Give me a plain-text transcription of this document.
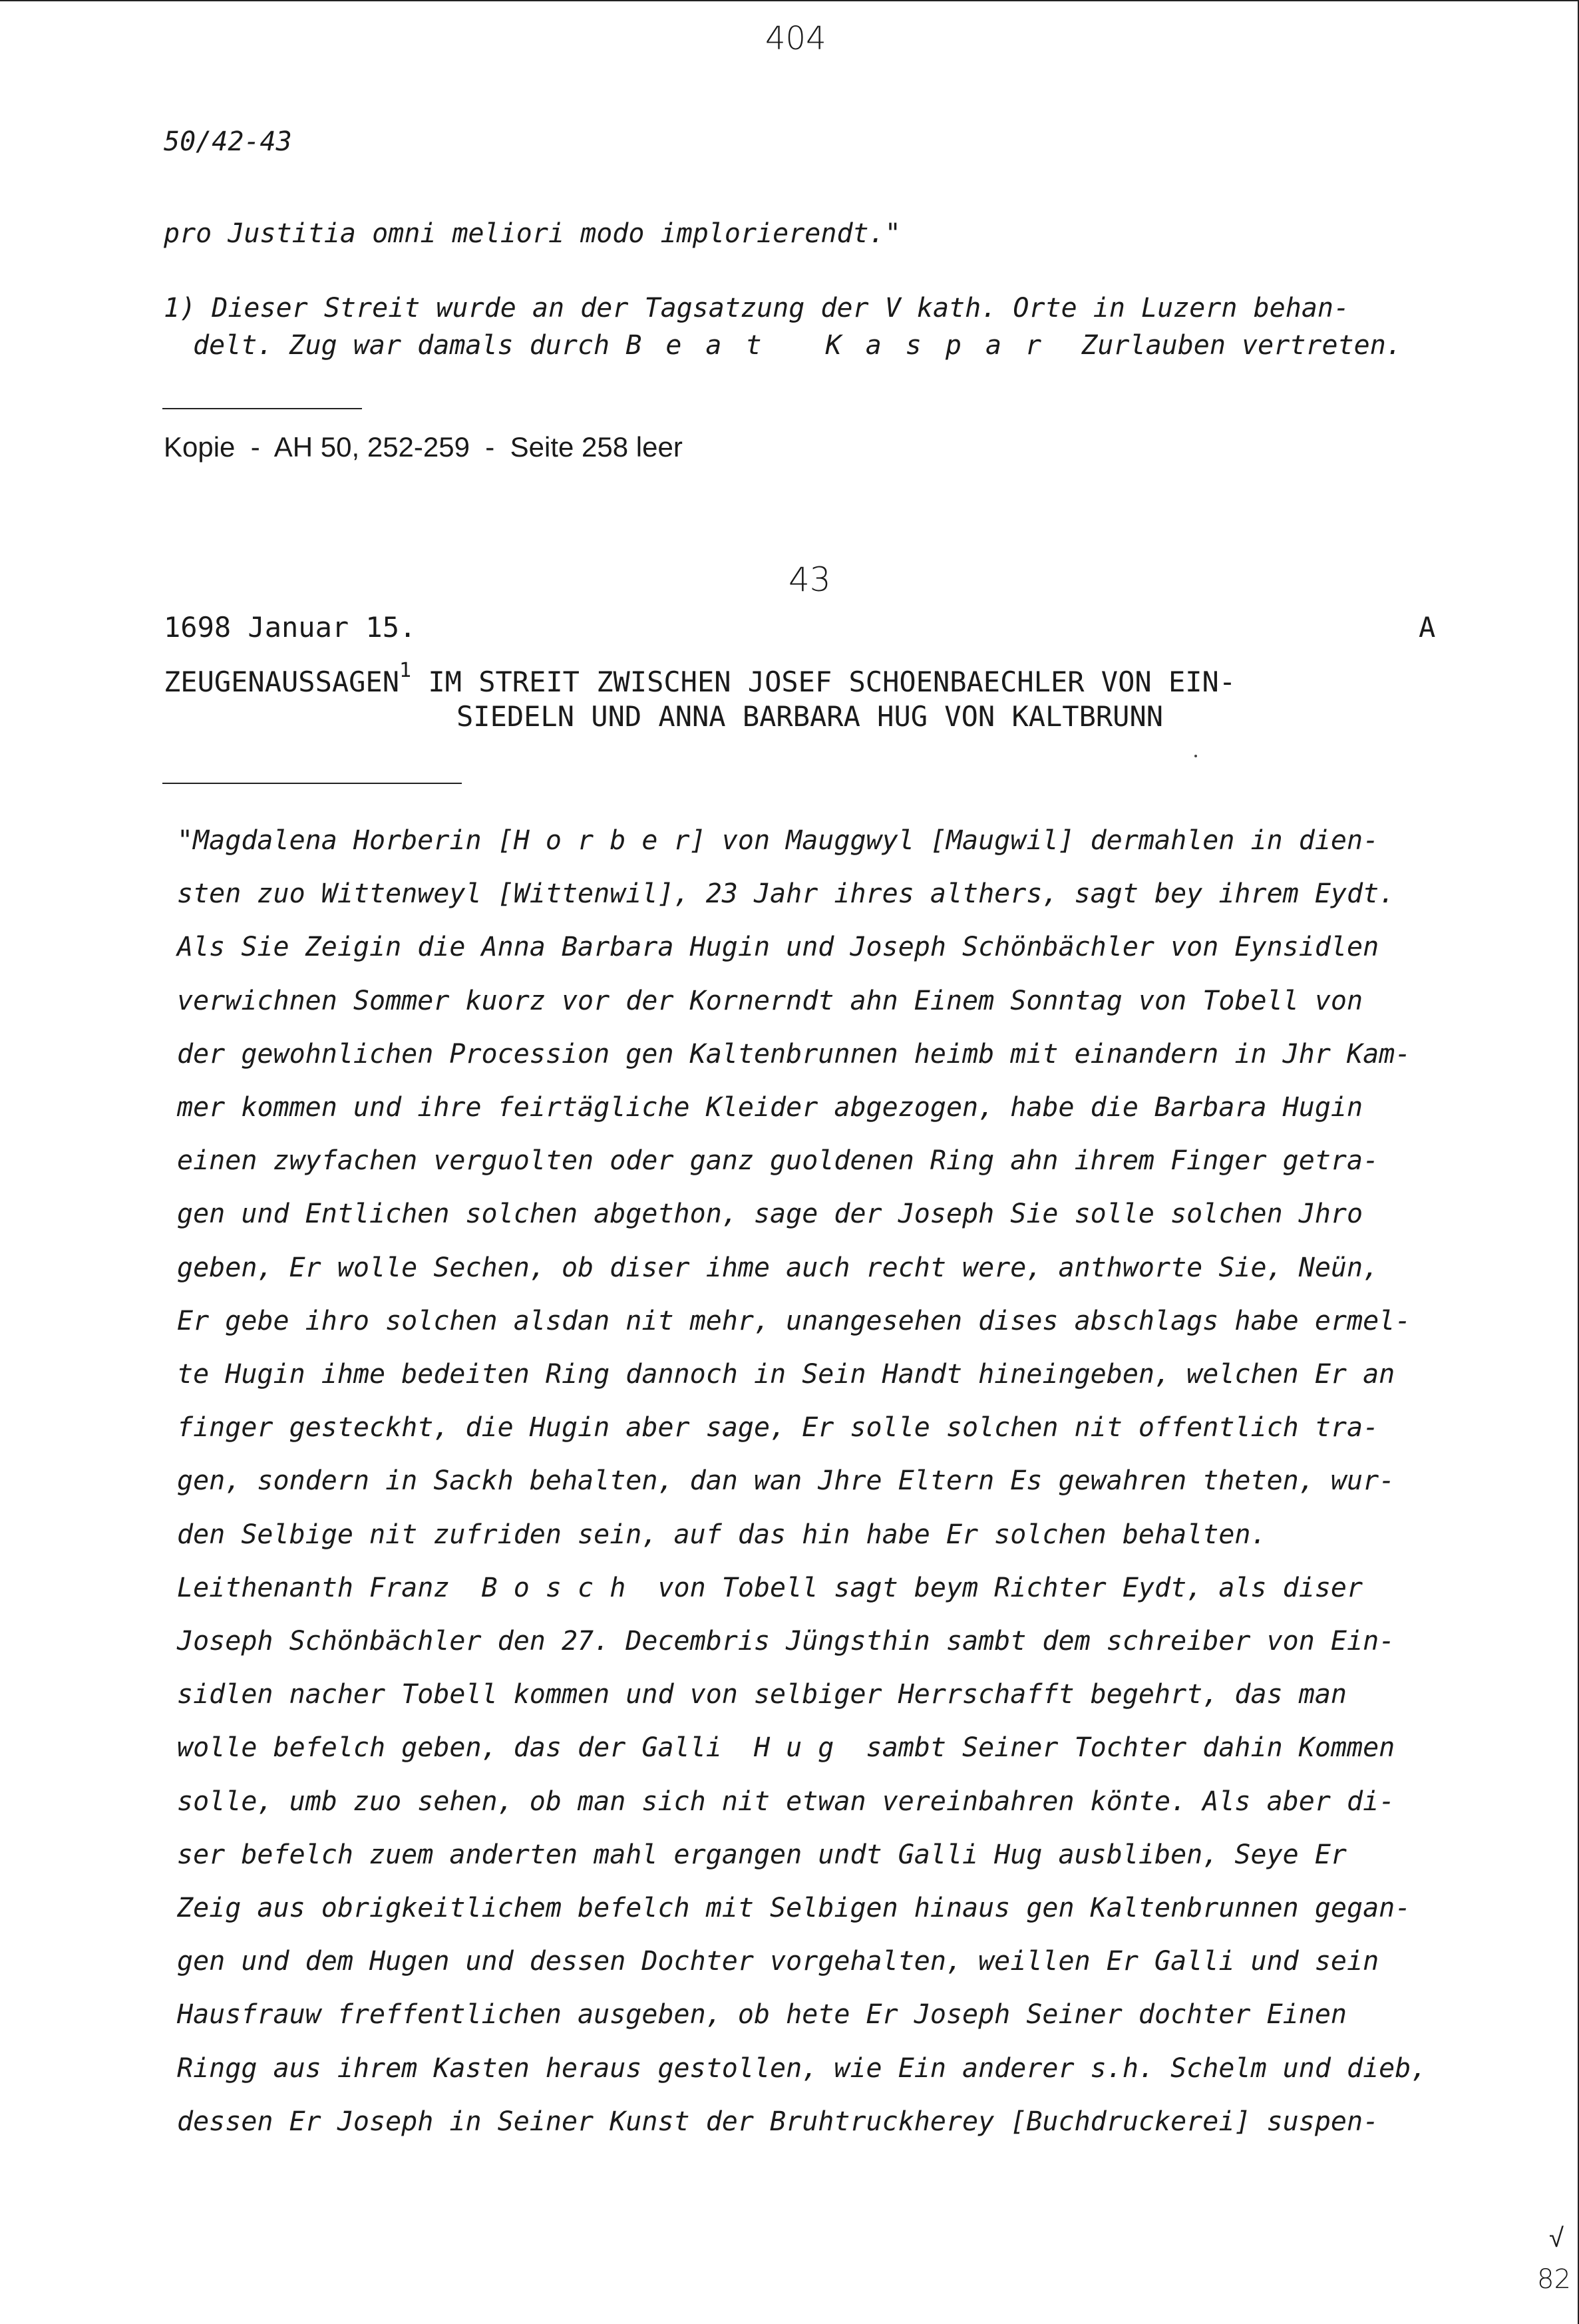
404
50/42-43
pro Justitia omni meliori modo implorierendt."
1) Dieser Streit wurde an der Tagsatzung der V kath. Orte in Luzern behan-
delt. Zug war damals durch Beat Kaspar Zurlauben vertreten.
Kopie  -  AH 50, 252-259  -  Seite 258 leer
43
1698 Januar 15.	A
ZEUGENAUSSAGEN$^1$ IM STREIT ZWISCHEN JOSEF SCHOENBAECHLER VON EIN-
SIEDELN UND ANNA BARBARA HUG VON KALTBRUNN
"Magdalena Horberin [H o r b e r] von Mauggwyl [Maugwil] dermahlen in dien-
sten zuo Wittenweyl [Wittenwil], 23 Jahr ihres althers, sagt bey ihrem Eydt.
Als Sie Zeigin die Anna Barbara Hugin und Joseph Schönbächler von Eynsidlen
verwichnen Sommer kuorz vor der Kornerndt ahn Einem Sonntag von Tobell von
der gewohnlichen Procession gen Kaltenbrunnen heimb mit einandern in Jhr Kam-
mer kommen und ihre feirtägliche Kleider abgezogen, habe die Barbara Hugin
einen zwyfachen verguolten oder ganz guoldenen Ring ahn ihrem Finger getra-
gen und Entlichen solchen abgethon, sage der Joseph Sie solle solchen Jhro
geben, Er wolle Sechen, ob diser ihme auch recht were, anthworte Sie, Neün,
Er gebe ihro solchen alsdan nit mehr, unangesehen dises abschlags habe ermel-
te Hugin ihme bedeiten Ring dannoch in Sein Handt hineingeben, welchen Er an
finger gesteckht, die Hugin aber sage, Er solle solchen nit offentlich tra-
gen, sondern in Sackh behalten, dan wan Jhre Eltern Es gewahren theten, wur-
den Selbige nit zufriden sein, auf das hin habe Er solchen behalten.
Leithenanth Franz  B o s c h  von Tobell sagt beym Richter Eydt, als diser
Joseph Schönbächler den 27. Decembris Jüngsthin sambt dem schreiber von Ein-
sidlen nacher Tobell kommen und von selbiger Herrschafft begehrt, das man
wolle befelch geben, das der Galli  H u g  sambt Seiner Tochter dahin Kommen
solle, umb zuo sehen, ob man sich nit etwan vereinbahren könte. Als aber di-
ser befelch zuem anderten mahl ergangen undt Galli Hug ausbliben, Seye Er
Zeig aus obrigkeitlichem befelch mit Selbigen hinaus gen Kaltenbrunnen gegan-
gen und dem Hugen und dessen Dochter vorgehalten, weillen Er Galli und sein
Hausfrauw freffentlichen ausgeben, ob hete Er Joseph Seiner dochter Einen
Ringg aus ihrem Kasten heraus gestollen, wie Ein anderer s.h. Schelm und dieb,
dessen Er Joseph in Seiner Kunst der Bruhtruckherey [Buchdruckerei] suspen-
√
82
